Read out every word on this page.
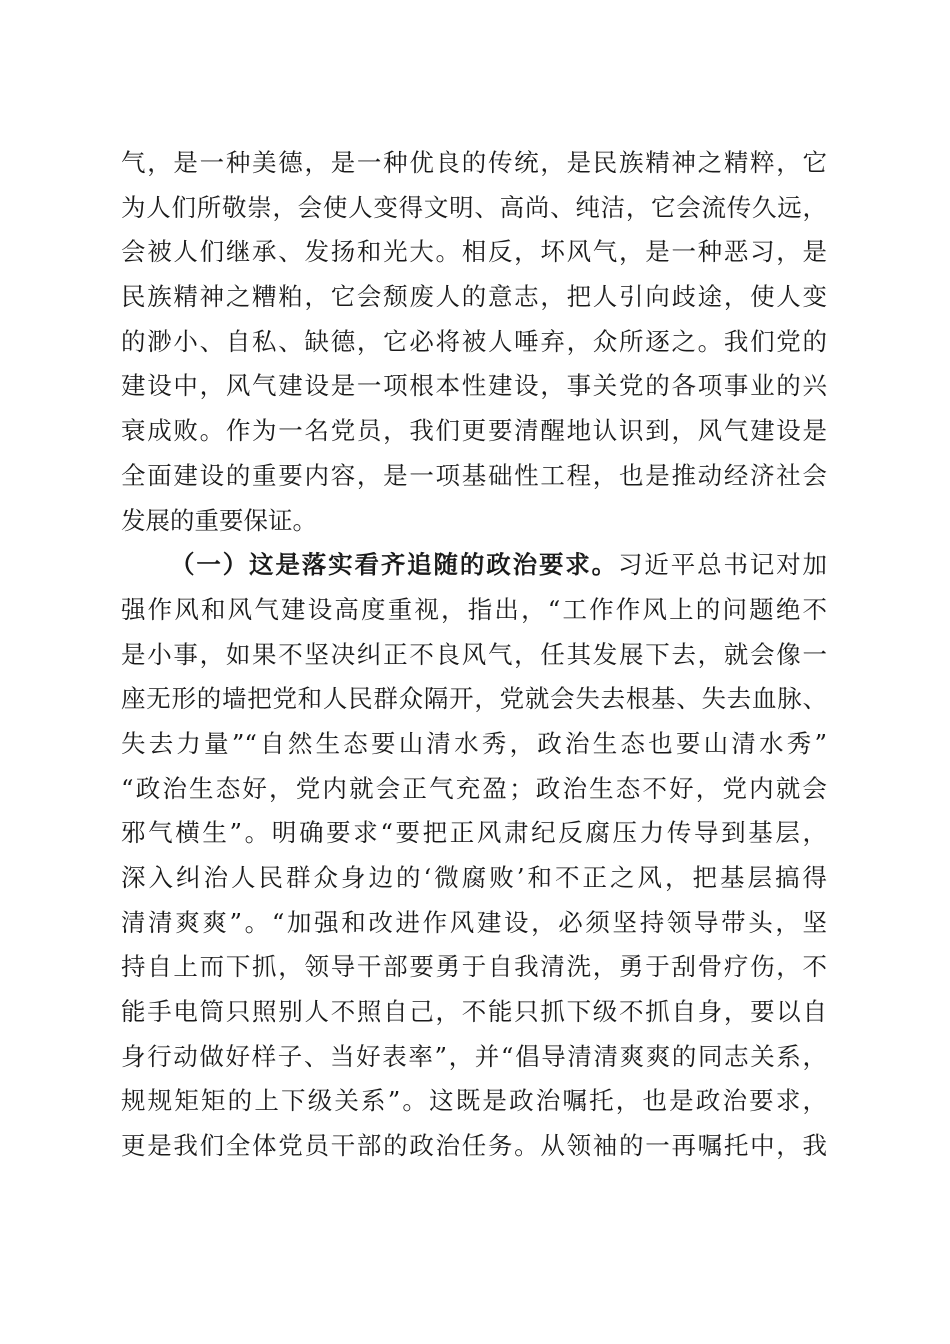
气，是一种美德，是一种优良的传统，是民族精神之精粹，它
为人们所敬崇，会使人变得文明、高尚、纯洁，它会流传久远，
会被人们继承、发扬和光大。相反，坏风气，是一种恶习，是
民族精神之糟粕，它会颓废人的意志，把人引向歧途，使人变
的渺小、自私、缺德，它必将被人唾弃，众所逐之。我们党的
建设中，风气建设是一项根本性建设，事关党的各项事业的兴
衰成败。作为一名党员，我们更要清醒地认识到，风气建设是
全面建设的重要内容，是一项基础性工程，也是推动经济社会
发展的重要保证。
（一）这是落实看齐追随的政治要求。习近平总书记对加
强作风和风气建设高度重视，指出，“工作作风上的问题绝不
是小事，如果不坚决纠正不良风气，任其发展下去，就会像一
座无形的墙把党和人民群众隔开，党就会失去根基、失去血脉、
失去力量”“自然生态要山清水秀，政治生态也要山清水秀”
“政治生态好，党内就会正气充盈；政治生态不好，党内就会
邪气横生”。明确要求“要把正风肃纪反腐压力传导到基层，
深入纠治人民群众身边的‘微腐败’和不正之风，把基层搞得
清清爽爽”。“加强和改进作风建设，必须坚持领导带头，坚
持自上而下抓，领导干部要勇于自我清洗，勇于刮骨疗伤，不
能手电筒只照别人不照自己，不能只抓下级不抓自身，要以自
身行动做好样子、当好表率”，并“倡导清清爽爽的同志关系，
规规矩矩的上下级关系”。这既是政治嘱托，也是政治要求，
更是我们全体党员干部的政治任务。从领袖的一再嘱托中，我
